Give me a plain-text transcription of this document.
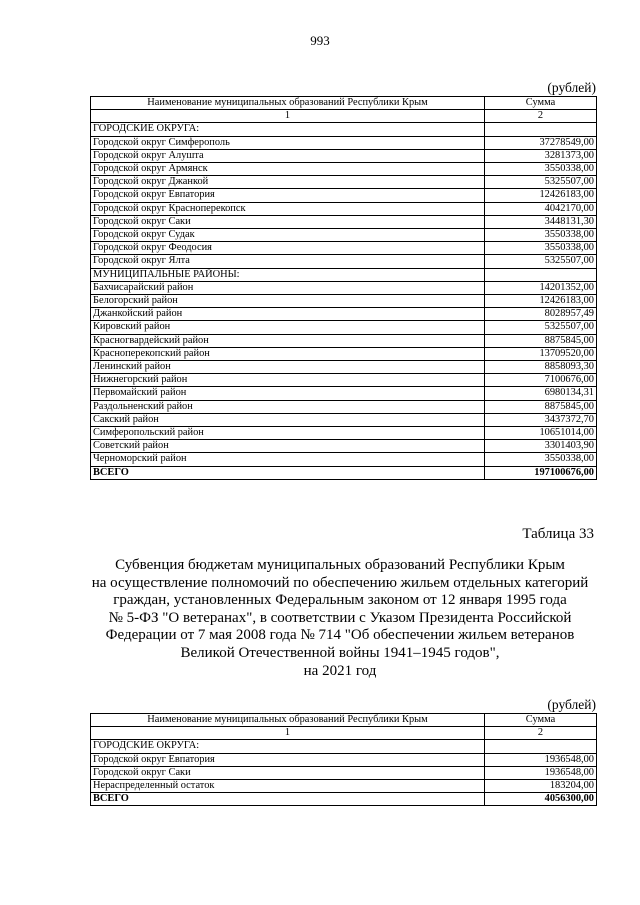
993
(рублей)
Наименование муниципальных образований Республики Крым	Сумма
1	2
ГОРОДСКИЕ ОКРУГА:	
Городской округ Симферополь	37278549,00
Городской округ Алушта	3281373,00
Городской округ Армянск	3550338,00
Городской округ Джанкой	5325507,00
Городской округ Евпатория	12426183,00
Городской округ Красноперекопск	4042170,00
Городской округ Саки	3448131,30
Городской округ Судак	3550338,00
Городской округ Феодосия	3550338,00
Городской округ Ялта	5325507,00
МУНИЦИПАЛЬНЫЕ РАЙОНЫ:	
Бахчисарайский район	14201352,00
Белогорский район	12426183,00
Джанкойский район	8028957,49
Кировский район	5325507,00
Красногвардейский район	8875845,00
Красноперекопский район	13709520,00
Ленинский район	8858093,30
Нижнегорский район	7100676,00
Первомайский район	6980134,31
Раздольненский район	8875845,00
Сакский район	3437372,70
Симферопольский район	10651014,00
Советский район	3301403,90
Черноморский район	3550338,00
ВСЕГО	197100676,00
Таблица 33
Субвенция бюджетам муниципальных образований Республики Крым
на осуществление полномочий по обеспечению жильем отдельных категорий
граждан, установленных Федеральным законом от 12 января 1995 года
№ 5-ФЗ "О ветеранах", в соответствии с Указом Президента Российской
Федерации от 7 мая 2008 года № 714 "Об обеспечении жильем ветеранов
Великой Отечественной войны 1941–1945 годов",
на 2021 год
(рублей)
Наименование муниципальных образований Республики Крым	Сумма
1	2
ГОРОДСКИЕ ОКРУГА:	
Городской округ Евпатория	1936548,00
Городской округ Саки	1936548,00
Нераспределенный остаток	183204,00
ВСЕГО	4056300,00
